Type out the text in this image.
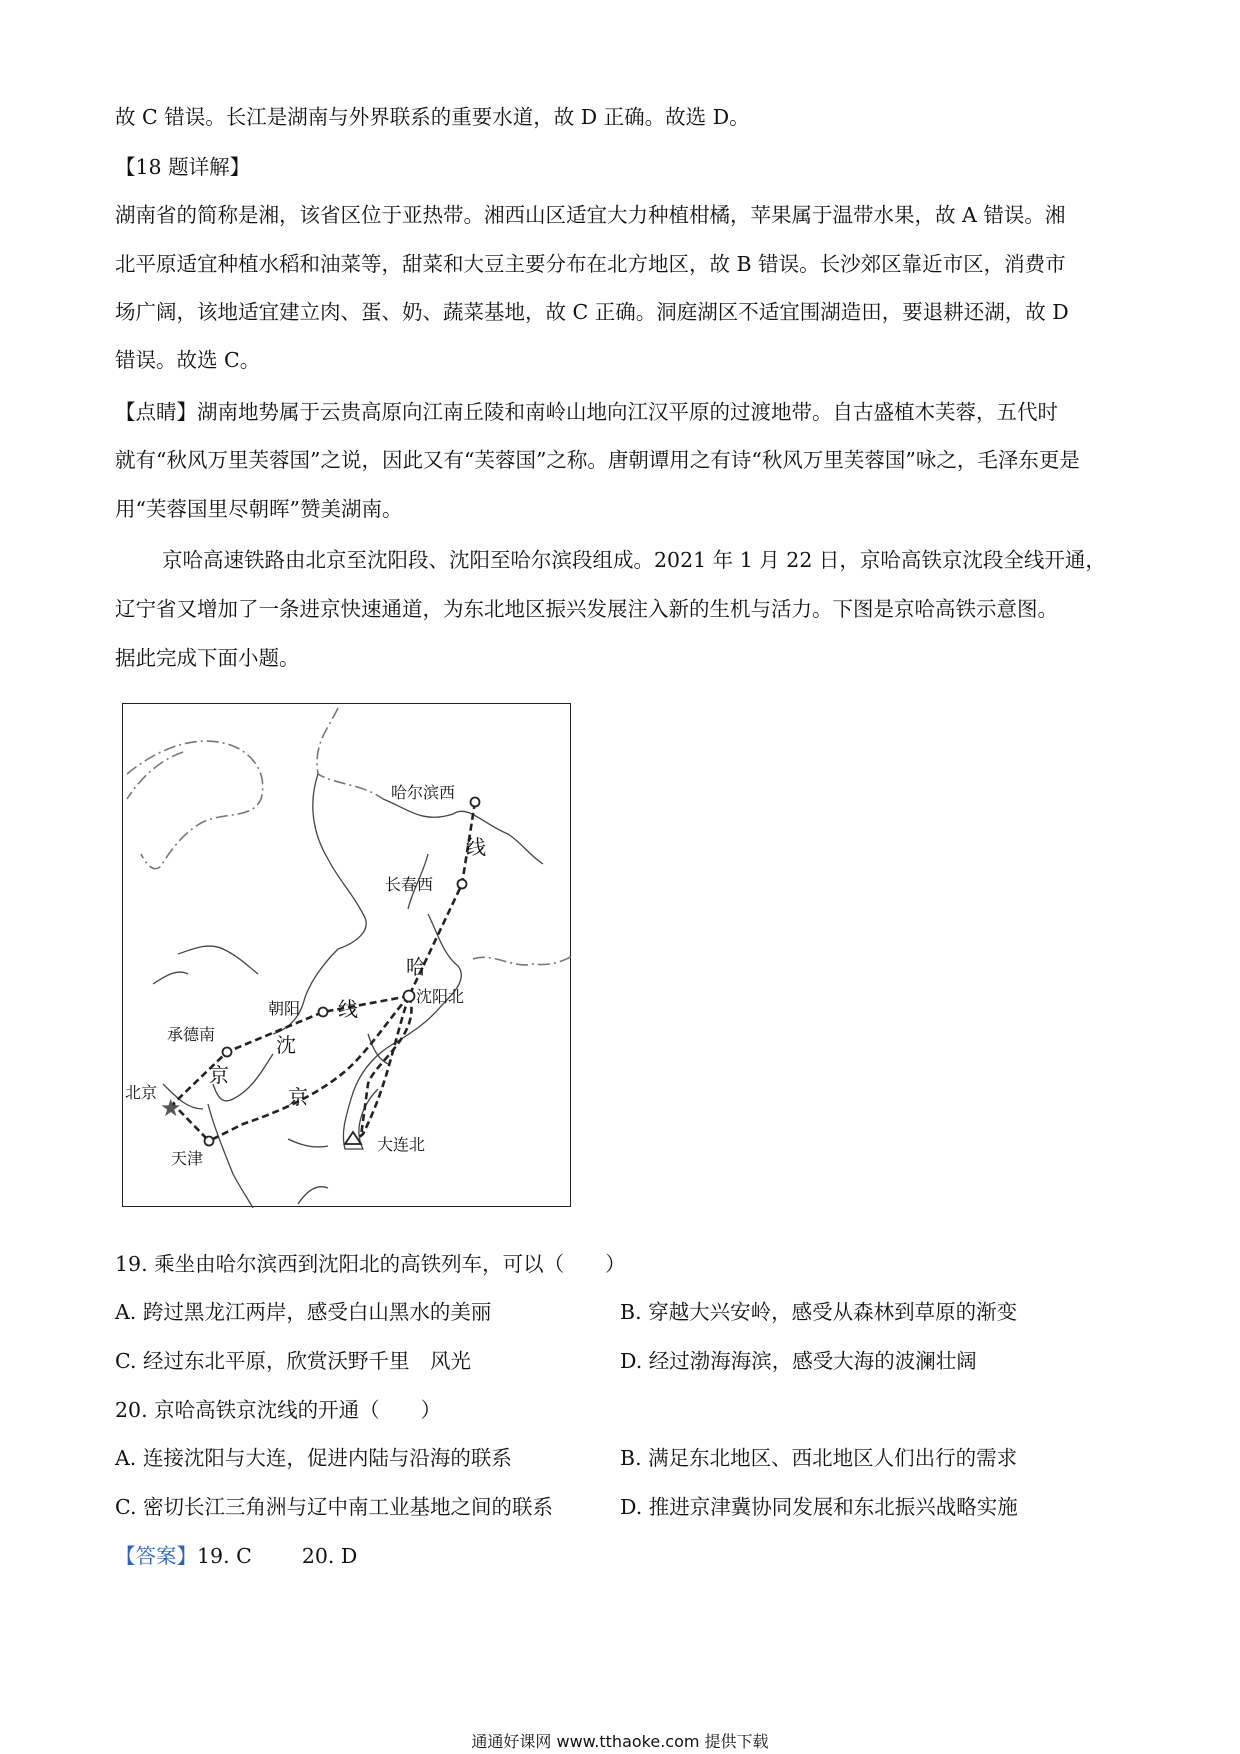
故 C 错误。长江是湖南与外界联系的重要水道，故 D 正确。故选 D。
【18 题详解】
湖南省的简称是湘，该省区位于亚热带。湘西山区适宜大力种植柑橘，苹果属于温带水果，故 A 错误。湘
北平原适宜种植水稻和油菜等，甜菜和大豆主要分布在北方地区，故 B 错误。长沙郊区靠近市区，消费市
场广阔，该地适宜建立肉、蛋、奶、蔬菜基地，故 C 正确。洞庭湖区不适宜围湖造田，要退耕还湖，故 D
错误。故选 C。
【点睛】湖南地势属于云贵高原向江南丘陵和南岭山地向江汉平原的过渡地带。自古盛植木芙蓉，五代时
就有“秋风万里芙蓉国”之说，因此又有“芙蓉国”之称。唐朝谭用之有诗“秋风万里芙蓉国”咏之，毛泽东更是
用“芙蓉国里尽朝晖”赞美湖南。
京哈高速铁路由北京至沈阳段、沈阳至哈尔滨段组成。2021 年 1 月 22 日，京哈高铁京沈段全线开通，
辽宁省又增加了一条进京快速通道，为东北地区振兴发展注入新的生机与活力。下图是京哈高铁示意图。
据此完成下面小题。
★
哈尔滨西
长春西
沈阳北
朝阳
承德南
北京
天津
大连北
线
哈
线
沈
京
京
19. 乘坐由哈尔滨西到沈阳北的高铁列车，可以（　　）
A. 跨过黑龙江两岸，感受白山黑水的美丽	B. 穿越大兴安岭，感受从森林到草原的渐变
C. 经过东北平原，欣赏沃野千里　风光	D. 经过渤海海滨，感受大海的波澜壮阔
20. 京哈高铁京沈线的开通（　　）
A. 连接沈阳与大连，促进内陆与沿海的联系	B. 满足东北地区、西北地区人们出行的需求
C. 密切长江三角洲与辽中南工业基地之间的联系	D. 推进京津冀协同发展和东北振兴战略实施
【答案】19. C 20. D
通通好课网 www.tthaoke.com 提供下载
